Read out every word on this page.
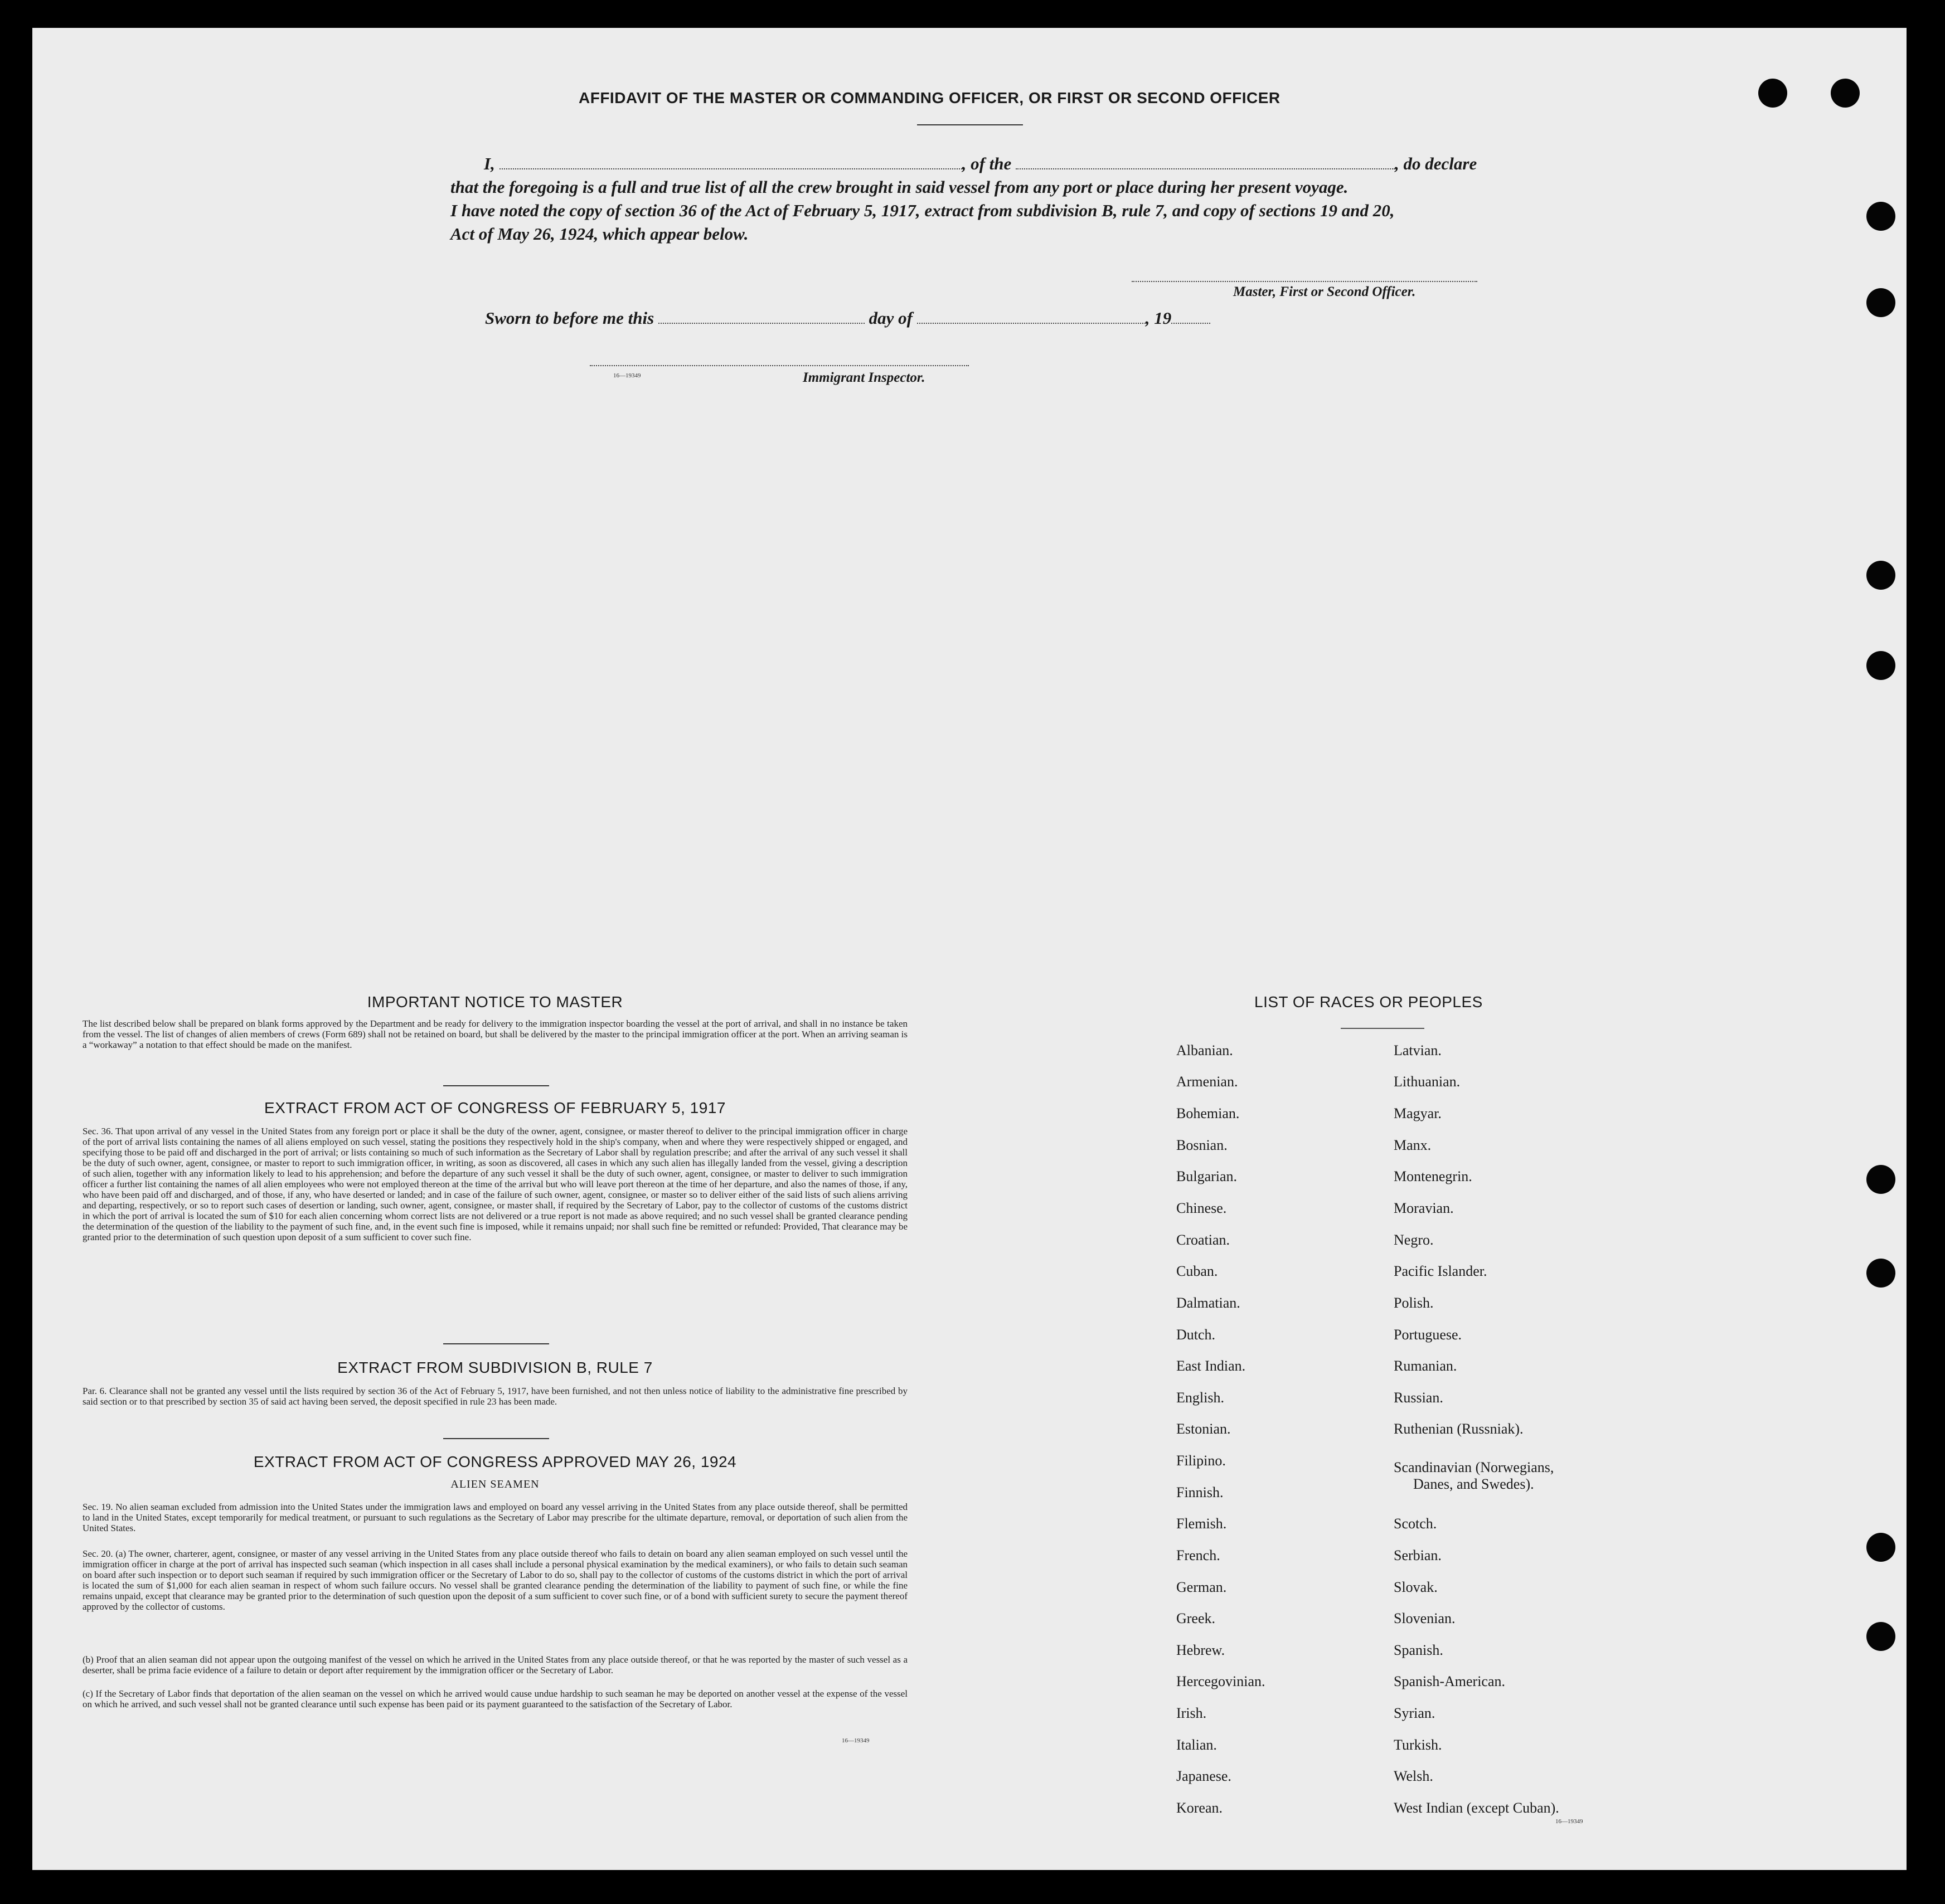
AFFIDAVIT OF THE MASTER OR COMMANDING OFFICER, OR FIRST OR SECOND OFFICER
I,	, of the	, do declare
that the foregoing is a full and true list of all the crew brought in said vessel from any port or place during her present voyage.
I have noted the copy of section 36 of the Act of February 5, 1917, extract from subdivision B, rule 7, and copy of sections 19 and 20,
Act of May 26, 1924, which appear below.
Master, First or Second Officer.
Sworn to before me this	day of	, 19
16—19349	Immigrant Inspector.
IMPORTANT NOTICE TO MASTER
The list described below shall be prepared on blank forms approved by the Department and be ready for delivery to the immigration inspector boarding the vessel at the port of arrival, and shall in no instance be taken from the vessel. The list of changes of alien members of crews (Form 689) shall not be retained on board, but shall be delivered by the master to the principal immigration officer at the port. When an arriving seaman is a “workaway” a notation to that effect should be made on the manifest.
EXTRACT FROM ACT OF CONGRESS OF FEBRUARY 5, 1917
Sec. 36. That upon arrival of any vessel in the United States from any foreign port or place it shall be the duty of the owner, agent, consignee, or master thereof to deliver to the principal immigration officer in charge of the port of arrival lists containing the names of all aliens employed on such vessel, stating the positions they respectively hold in the ship's company, when and where they were respectively shipped or engaged, and specifying those to be paid off and discharged in the port of arrival; or lists containing so much of such information as the Secretary of Labor shall by regulation prescribe; and after the arrival of any such vessel it shall be the duty of such owner, agent, consignee, or master to report to such immigration officer, in writing, as soon as discovered, all cases in which any such alien has illegally landed from the vessel, giving a description of such alien, together with any information likely to lead to his apprehension; and before the departure of any such vessel it shall be the duty of such owner, agent, consignee, or master to deliver to such immigration officer a further list containing the names of all alien employees who were not employed thereon at the time of the arrival but who will leave port thereon at the time of her departure, and also the names of those, if any, who have been paid off and discharged, and of those, if any, who have deserted or landed; and in case of the failure of such owner, agent, consignee, or master so to deliver either of the said lists of such aliens arriving and departing, respectively, or so to report such cases of desertion or landing, such owner, agent, consignee, or master shall, if required by the Secretary of Labor, pay to the collector of customs of the customs district in which the port of arrival is located the sum of $10 for each alien concerning whom correct lists are not delivered or a true report is not made as above required; and no such vessel shall be granted clearance pending the determination of the question of the liability to the payment of such fine, and, in the event such fine is imposed, while it remains unpaid; nor shall such fine be remitted or refunded: Provided, That clearance may be granted prior to the determination of such question upon deposit of a sum sufficient to cover such fine.
EXTRACT FROM SUBDIVISION B, RULE 7
Par. 6. Clearance shall not be granted any vessel until the lists required by section 36 of the Act of February 5, 1917, have been furnished, and not then unless notice of liability to the administrative fine prescribed by said section or to that prescribed by section 35 of said act having been served, the deposit specified in rule 23 has been made.
EXTRACT FROM ACT OF CONGRESS APPROVED MAY 26, 1924
ALIEN SEAMEN
Sec. 19. No alien seaman excluded from admission into the United States under the immigration laws and employed on board any vessel arriving in the United States from any place outside thereof, shall be permitted to land in the United States, except temporarily for medical treatment, or pursuant to such regulations as the Secretary of Labor may prescribe for the ultimate departure, removal, or deportation of such alien from the United States.
Sec. 20. (a) The owner, charterer, agent, consignee, or master of any vessel arriving in the United States from any place outside thereof who fails to detain on board any alien seaman employed on such vessel until the immigration officer in charge at the port of arrival has inspected such seaman (which inspection in all cases shall include a personal physical examination by the medical examiners), or who fails to detain such seaman on board after such inspection or to deport such seaman if required by such immigration officer or the Secretary of Labor to do so, shall pay to the collector of customs of the customs district in which the port of arrival is located the sum of $1,000 for each alien seaman in respect of whom such failure occurs. No vessel shall be granted clearance pending the determination of the liability to payment of such fine, or while the fine remains unpaid, except that clearance may be granted prior to the determination of such question upon the deposit of a sum sufficient to cover such fine, or of a bond with sufficient surety to secure the payment thereof approved by the collector of customs.
(b) Proof that an alien seaman did not appear upon the outgoing manifest of the vessel on which he arrived in the United States from any place outside thereof, or that he was reported by the master of such vessel as a deserter, shall be prima facie evidence of a failure to detain or deport after requirement by the immigration officer or the Secretary of Labor.
(c) If the Secretary of Labor finds that deportation of the alien seaman on the vessel on which he arrived would cause undue hardship to such seaman he may be deported on another vessel at the expense of the vessel on which he arrived, and such vessel shall not be granted clearance until such expense has been paid or its payment guaranteed to the satisfaction of the Secretary of Labor.
16—19349
LIST OF RACES OR PEOPLES
Albanian.
Armenian.
Bohemian.
Bosnian.
Bulgarian.
Chinese.
Croatian.
Cuban.
Dalmatian.
Dutch.
East Indian.
English.
Estonian.
Filipino.
Finnish.
Flemish.
French.
German.
Greek.
Hebrew.
Hercegovinian.
Irish.
Italian.
Japanese.
Korean.
Latvian.
Lithuanian.
Magyar.
Manx.
Montenegrin.
Moravian.
Negro.
Pacific Islander.
Polish.
Portuguese.
Rumanian.
Russian.
Ruthenian (Russniak).
Scandinavian (Norwegians,
Danes, and Swedes).
Scotch.
Serbian.
Slovak.
Slovenian.
Spanish.
Spanish-American.
Syrian.
Turkish.
Welsh.
West Indian (except Cuban).
16—19349
